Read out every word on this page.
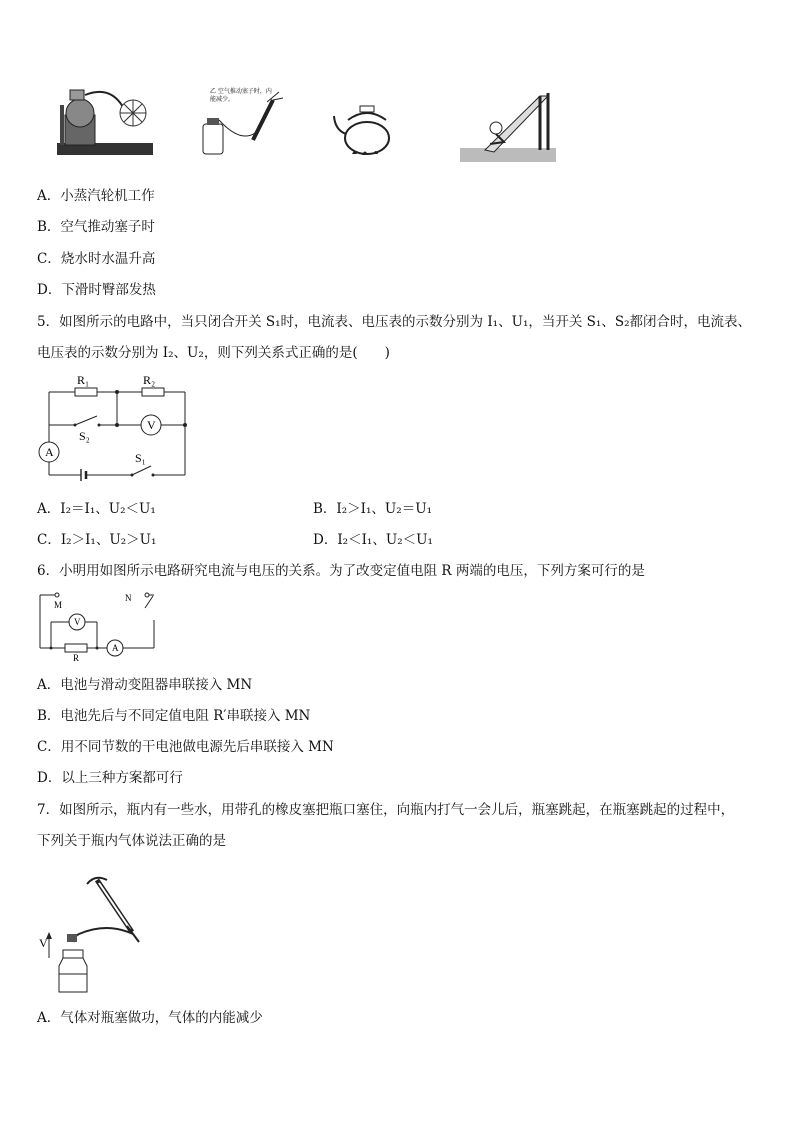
乙 空气推动塞子时，内能减少。
A．小蒸汽轮机工作
B．空气推动塞子时
C．烧水时水温升高
D．下滑时臀部发热
5．如图所示的电路中，当只闭合开关 S₁时，电流表、电压表的示数分别为 I₁、U₁，当开关 S₁、S₂都闭合时，电流表、
电压表的示数分别为 I₂、U₂，则下列关系式正确的是(　　)
A
V
R₁	R₂
S₂
S₁
A．I₂＝I₁、U₂＜U₁	B．I₂＞I₁、U₂＝U₁
C．I₂＞I₁、U₂＞U₁	D．I₂＜I₁、U₂＜U₁
6．小明用如图所示电路研究电流与电压的关系。为了改变定值电阻 R 两端的电压，下列方案可行的是
M
N
V
A
R
A．电池与滑动变阻器串联接入 MN
B．电池先后与不同定值电阻 R′串联接入 MN
C．用不同节数的干电池做电源先后串联接入 MN
D．以上三种方案都可行
7．如图所示，瓶内有一些水，用带孔的橡皮塞把瓶口塞住，向瓶内打气一会儿后，瓶塞跳起，在瓶塞跳起的过程中，
下列关于瓶内气体说法正确的是
V
A．气体对瓶塞做功，气体的内能减少
